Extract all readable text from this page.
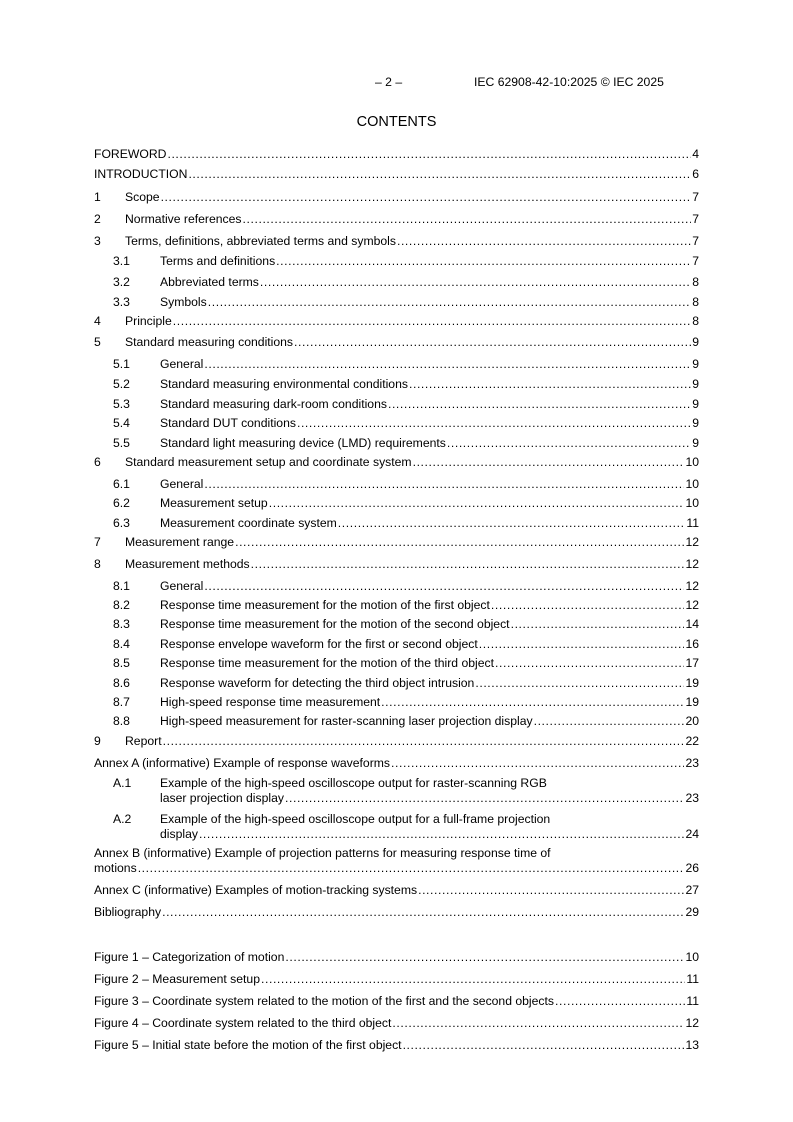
– 2 –	IEC 62908-42-10:2025 © IEC 2025
CONTENTS
FOREWORD .....	4
INTRODUCTION .....	6
1	Scope .....	7
2	Normative references .....	7
3	Terms, definitions, abbreviated terms and symbols .....	7
3.1	Terms and definitions .....	7
3.2	Abbreviated terms .....	8
3.3	Symbols .....	8
4	Principle .....	8
5	Standard measuring conditions .....	9
5.1	General .....	9
5.2	Standard measuring environmental conditions .....	9
5.3	Standard measuring dark-room conditions .....	9
5.4	Standard DUT conditions .....	9
5.5	Standard light measuring device (LMD) requirements .....	9
6	Standard measurement setup and coordinate system .....	10
6.1	General .....	10
6.2	Measurement setup .....	10
6.3	Measurement coordinate system .....	11
7	Measurement range .....	12
8	Measurement methods .....	12
8.1	General .....	12
8.2	Response time measurement for the motion of the first object .....	12
8.3	Response time measurement for the motion of the second object .....	14
8.4	Response envelope waveform for the first or second object .....	16
8.5	Response time measurement for the motion of the third object .....	17
8.6	Response waveform for detecting the third object intrusion .....	19
8.7	High-speed response time measurement .....	19
8.8	High-speed measurement for raster-scanning laser projection display .....	20
9	Report .....	22
Annex A (informative) Example of response waveforms .....	23
A.1	Example of the high-speed oscilloscope output for raster-scanning RGB
laser projection display .....	23
A.2	Example of the high-speed oscilloscope output for a full-frame projection
display .....	24
Annex B (informative) Example of projection patterns for measuring response time of
motions .....	26
Annex C (informative) Examples of motion-tracking systems .....	27
Bibliography .....	29
Figure 1 – Categorization of motion .....	10
Figure 2 – Measurement setup .....	11
Figure 3 – Coordinate system related to the motion of the first and the second objects .....	11
Figure 4 – Coordinate system related to the third object .....	12
Figure 5 – Initial state before the motion of the first object .....	13
